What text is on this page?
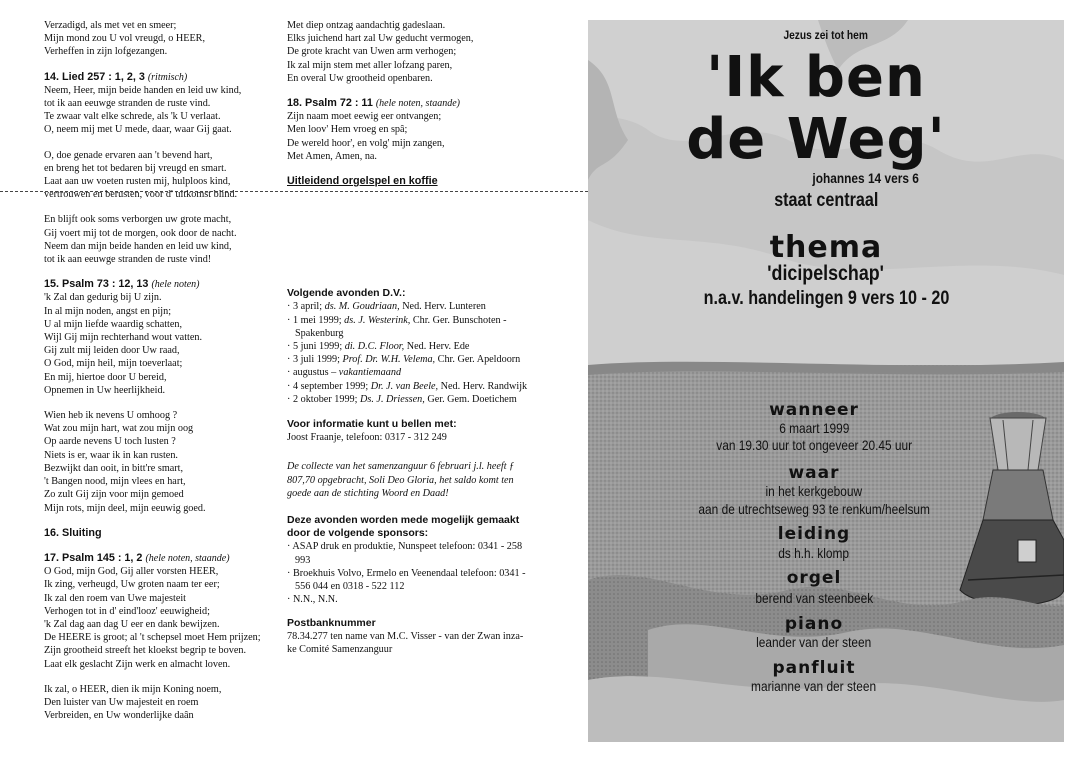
Verzadigd, als met vet en smeer;

Mijn mond zou U vol vreugd, o HEER,

Verheffen in zijn lofgezangen.

14. Lied 257 : 1, 2, 3 (ritmisch)

Neem, Heer, mijn beide handen en leid uw kind,

tot ik aan eeuwge stranden de ruste vind.

Te zwaar valt elke schrede, als 'k U verlaat.

O, neem mij met U mede, daar, waar Gij gaat.

O, doe genade ervaren aan 't bevend hart,

en breng het tot bedaren bij vreugd en smart.

Laat aan uw voeten rusten mij, hulploos kind,

vertrouwen en berusten, voor d' uitkomst blind.

En blijft ook soms verborgen uw grote macht,

Gij voert mij tot de morgen, ook door de nacht.

Neem dan mijn beide handen en leid uw kind,

tot ik aan eeuwge stranden de ruste vind!

15. Psalm 73 : 12, 13 (hele noten)

'k Zal dan gedurig bij U zijn.

In al mijn noden, angst en pijn;

U al mijn liefde waardig schatten,

Wijl Gij mijn rechterhand wout vatten.

Gij zult mij leiden door Uw raad,

O God, mijn heil, mijn toeverlaat;

En mij, hiertoe door U bereid,

Opnemen in Uw heerlijkheid.

Wien heb ik nevens U omhoog ?

Wat zou mijn hart, wat zou mijn oog

Op aarde nevens U toch lusten ?

Niets is er, waar ik in kan rusten.

Bezwijkt dan ooit, in bitt're smart,

't Bangen nood, mijn vlees en hart,

Zo zult Gij zijn voor mijn gemoed

Mijn rots, mijn deel, mijn eeuwig goed.

16. Sluiting

17. Psalm 145 : 1, 2 (hele noten, staande)

O God, mijn God, Gij aller vorsten HEER,

Ik zing, verheugd, Uw groten naam ter eer;

Ik zal den roem van Uwe majesteit

Verhogen tot in d' eind'looz' eeuwigheid;

'k Zal dag aan dag U eer en dank bewijzen.

De HEERE is groot; al 't schepsel moet Hem prijzen;

Zijn grootheid streeft het kloekst begrip te boven.

Laat elk geslacht Zijn werk en almacht loven.

Ik zal, o HEER, dien ik mijn Koning noem,

Den luister van Uw majesteit en roem

Verbreiden, en Uw wonderlijke daân

Met diep ontzag aandachtig gadeslaan.

Elks juichend hart zal Uw geducht vermogen,

De grote kracht van Uwen arm verhogen;

Ik zal mijn stem met aller lofzang paren,

En overal Uw grootheid openbaren.

18. Psalm 72 : 11 (hele noten, staande)

Zijn naam moet eewig eer ontvangen;

Men loov' Hem vroeg en spâ;

De wereld hoor', en volg' mijn zangen,

Met Amen, Amen, na.

Uitleidend orgelspel en koffie

Volgende avonden D.V.:

· 3 april; ds. M. Goudriaan, Ned. Herv. Lunteren

· 1 mei 1999; ds. J. Westerink, Chr. Ger. Bunschoten - Spakenburg

· 5 juni 1999; di. D.C. Floor, Ned. Herv. Ede

· 3 juli 1999; Prof. Dr. W.H. Velema, Chr. Ger. Apeldoorn

· augustus – vakantiemaand

· 4 september 1999; Dr. J. van Beele, Ned. Herv. Randwijk

· 2 oktober 1999; Ds. J. Driessen, Ger. Gem. Doetichem

Voor informatie kunt u bellen met:

Joost Fraanje, telefoon: 0317 - 312 249

De collecte van het samenzanguur 6 februari j.l. heeft ƒ 807,70 opgebracht, Soli Deo Gloria, het saldo komt ten goede aan de stichting Woord en Daad!

Deze avonden worden mede mogelijk gemaakt door de volgende sponsors:

· ASAP druk en produktie, Nunspeet telefoon: 0341 - 258 993

· Broekhuis Volvo, Ermelo en Veenendaal telefoon: 0341 - 556 044 en 0318 - 522 112

· N.N., N.N.

Postbanknummer

78.34.277 ten name van M.C. Visser - van der Zwan inza-ke Comité Samenzanguur

Jezus zei tot hem
'Ik ben
de Weg'
johannes 14 vers 6
staat centraal
thema
'dicipelschap'
n.a.v. handelingen 9 vers 10 - 20
wanneer
6 maart 1999
van 19.30 uur tot ongeveer 20.45 uur
waar
in het kerkgebouw
aan de utrechtseweg 93 te renkum/heelsum
leiding
ds h.h. klomp
orgel
berend van steenbeek
piano
leander van der steen
panfluit
marianne van der steen
